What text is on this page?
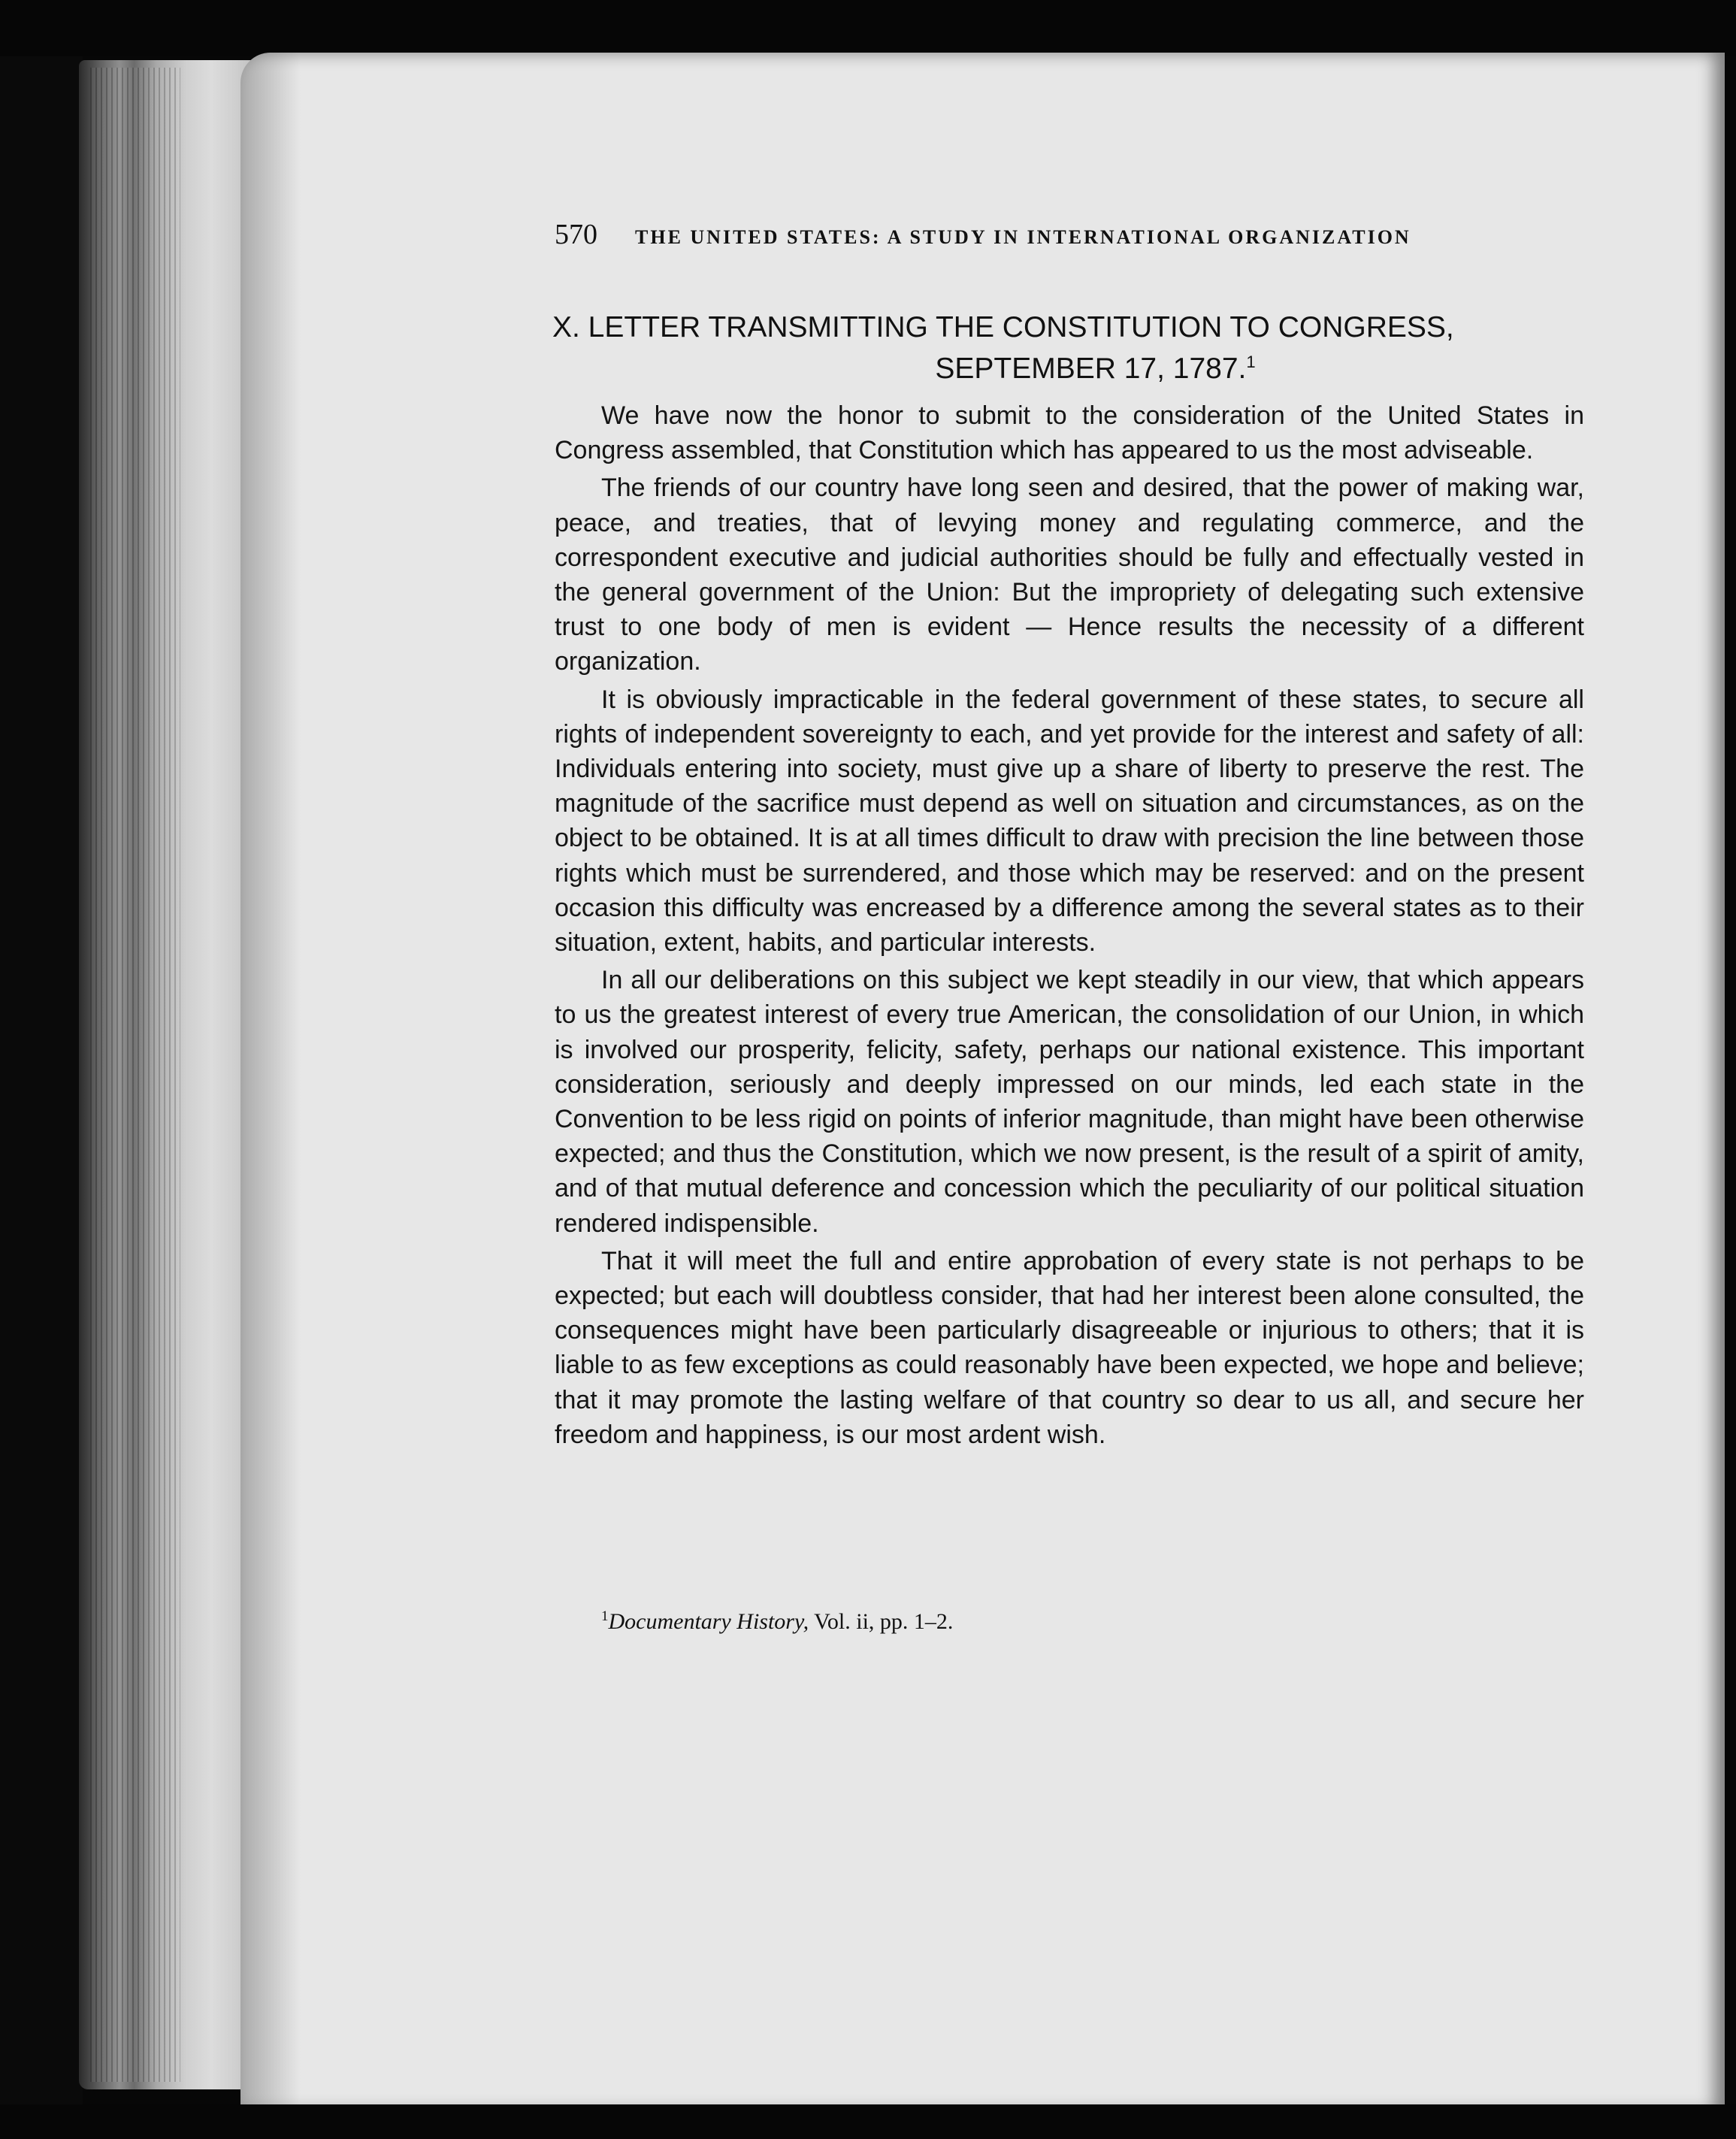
570 THE UNITED STATES: A STUDY IN INTERNATIONAL ORGANIZATION
X. LETTER TRANSMITTING THE CONSTITUTION TO CONGRESS,
SEPTEMBER 17, 1787.$^1$

We have now the honor to submit to the consideration of the United States in Congress assembled, that Constitution which has appeared to us the most adviseable.

The friends of our country have long seen and desired, that the power of making war, peace, and treaties, that of levying money and regulating commerce, and the correspondent executive and judicial authorities should be fully and effectually vested in the general government of the Union: But the impropriety of delegating such extensive trust to one body of men is evident — Hence results the necessity of a different organization.

It is obviously impracticable in the federal government of these states, to secure all rights of independent sovereignty to each, and yet provide for the interest and safety of all: Individuals entering into society, must give up a share of liberty to preserve the rest. The magnitude of the sacrifice must depend as well on situation and circumstances, as on the object to be obtained. It is at all times difficult to draw with precision the line between those rights which must be surrendered, and those which may be reserved: and on the present occasion this difficulty was encreased by a difference among the several states as to their situation, extent, habits, and particular interests.

In all our deliberations on this subject we kept steadily in our view, that which appears to us the greatest interest of every true American, the consolidation of our Union, in which is involved our prosperity, felicity, safety, perhaps our national existence. This important consideration, seriously and deeply impressed on our minds, led each state in the Convention to be less rigid on points of inferior magnitude, than might have been otherwise expected; and thus the Constitution, which we now present, is the result of a spirit of amity, and of that mutual deference and concession which the peculiarity of our political situation rendered indispensible.

That it will meet the full and entire approbation of every state is not perhaps to be expected; but each will doubtless consider, that had her interest been alone consulted, the consequences might have been particularly disagreeable or injurious to others; that it is liable to as few exceptions as could reasonably have been expected, we hope and believe; that it may promote the lasting welfare of that country so dear to us all, and secure her freedom and happiness, is our most ardent wish.

$^1$Documentary History, Vol. ii, pp. 1–2.
